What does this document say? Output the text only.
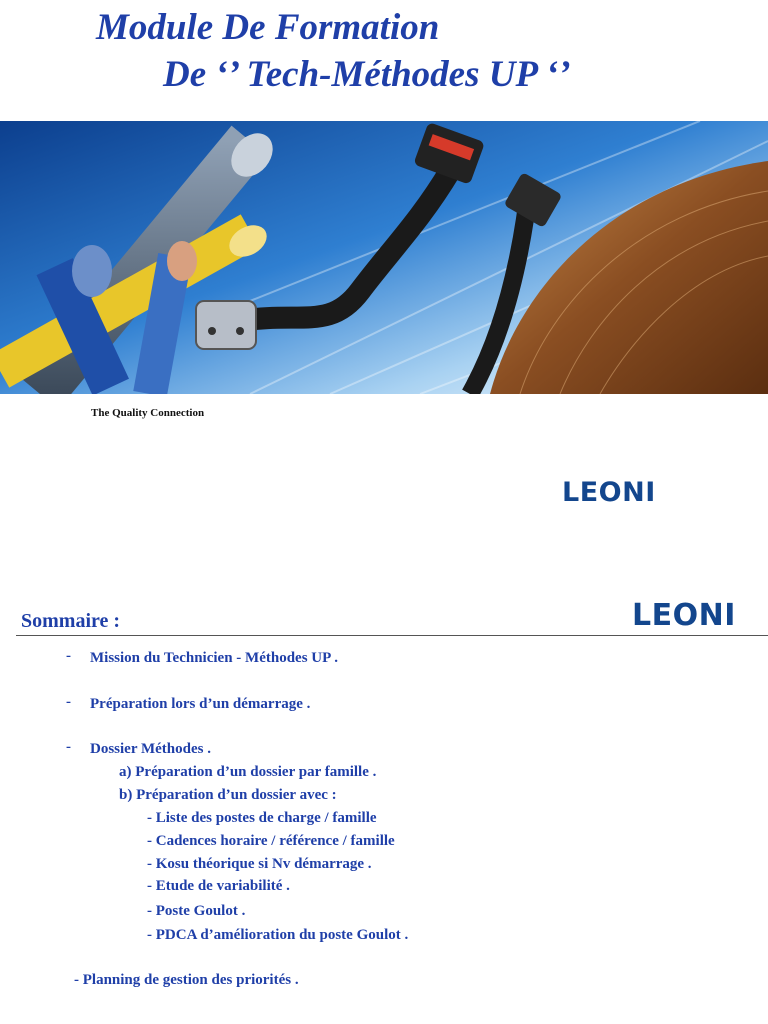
Module De Formation
De ‘’ Tech-Méthodes UP ‘’
The Quality Connection
LEONI
Sommaire :	LEONI
- Mission du Technicien - Méthodes UP .
- Préparation lors d’un démarrage .
- Dossier Méthodes .
a) Préparation d’un dossier par famille .
b) Préparation d’un dossier avec :
- Liste des postes de charge / famille
- Cadences horaire / référence / famille
- Kosu théorique si Nv démarrage .
- Etude de variabilité .
- Poste Goulot .
- PDCA d’amélioration du poste Goulot .
- Planning de gestion des priorités .
